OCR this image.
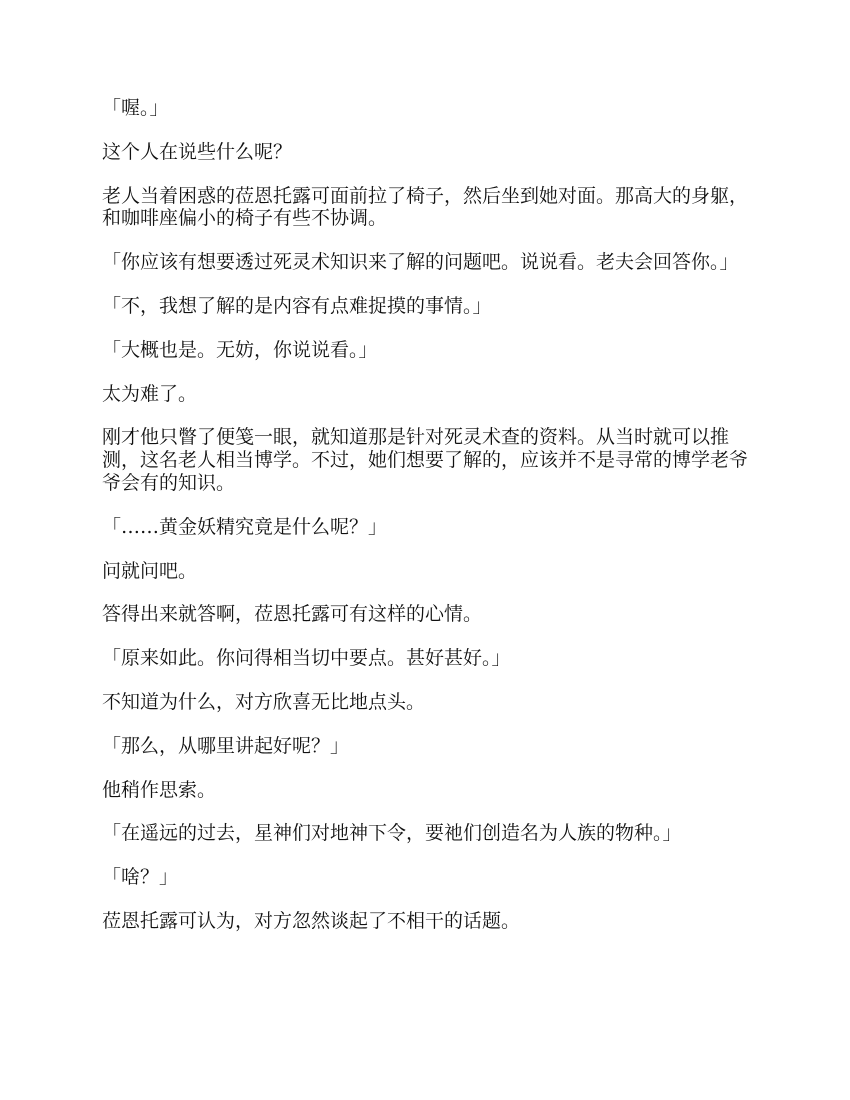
「喔。」

这个人在说些什么呢？

老人当着困惑的莅恩托露可面前拉了椅子，然后坐到她对面。那高大的身躯，和咖啡座偏小的椅子有些不协调。

「你应该有想要透过死灵术知识来了解的问题吧。说说看。老夫会回答你。」

「不，我想了解的是内容有点难捉摸的事情。」

「大概也是。无妨，你说说看。」

太为难了。

刚才他只瞥了便笺一眼，就知道那是针对死灵术查的资料。从当时就可以推测，这名老人相当博学。不过，她们想要了解的，应该并不是寻常的博学老爷爷会有的知识。

「……黄金妖精究竟是什么呢？」

问就问吧。

答得出来就答啊，莅恩托露可有这样的心情。

「原来如此。你问得相当切中要点。甚好甚好。」

不知道为什么，对方欣喜无比地点头。

「那么，从哪里讲起好呢？」

他稍作思索。

「在遥远的过去，星神们对地神下令，要祂们创造名为人族的物种。」

「啥？」

莅恩托露可认为，对方忽然谈起了不相干的话题。
